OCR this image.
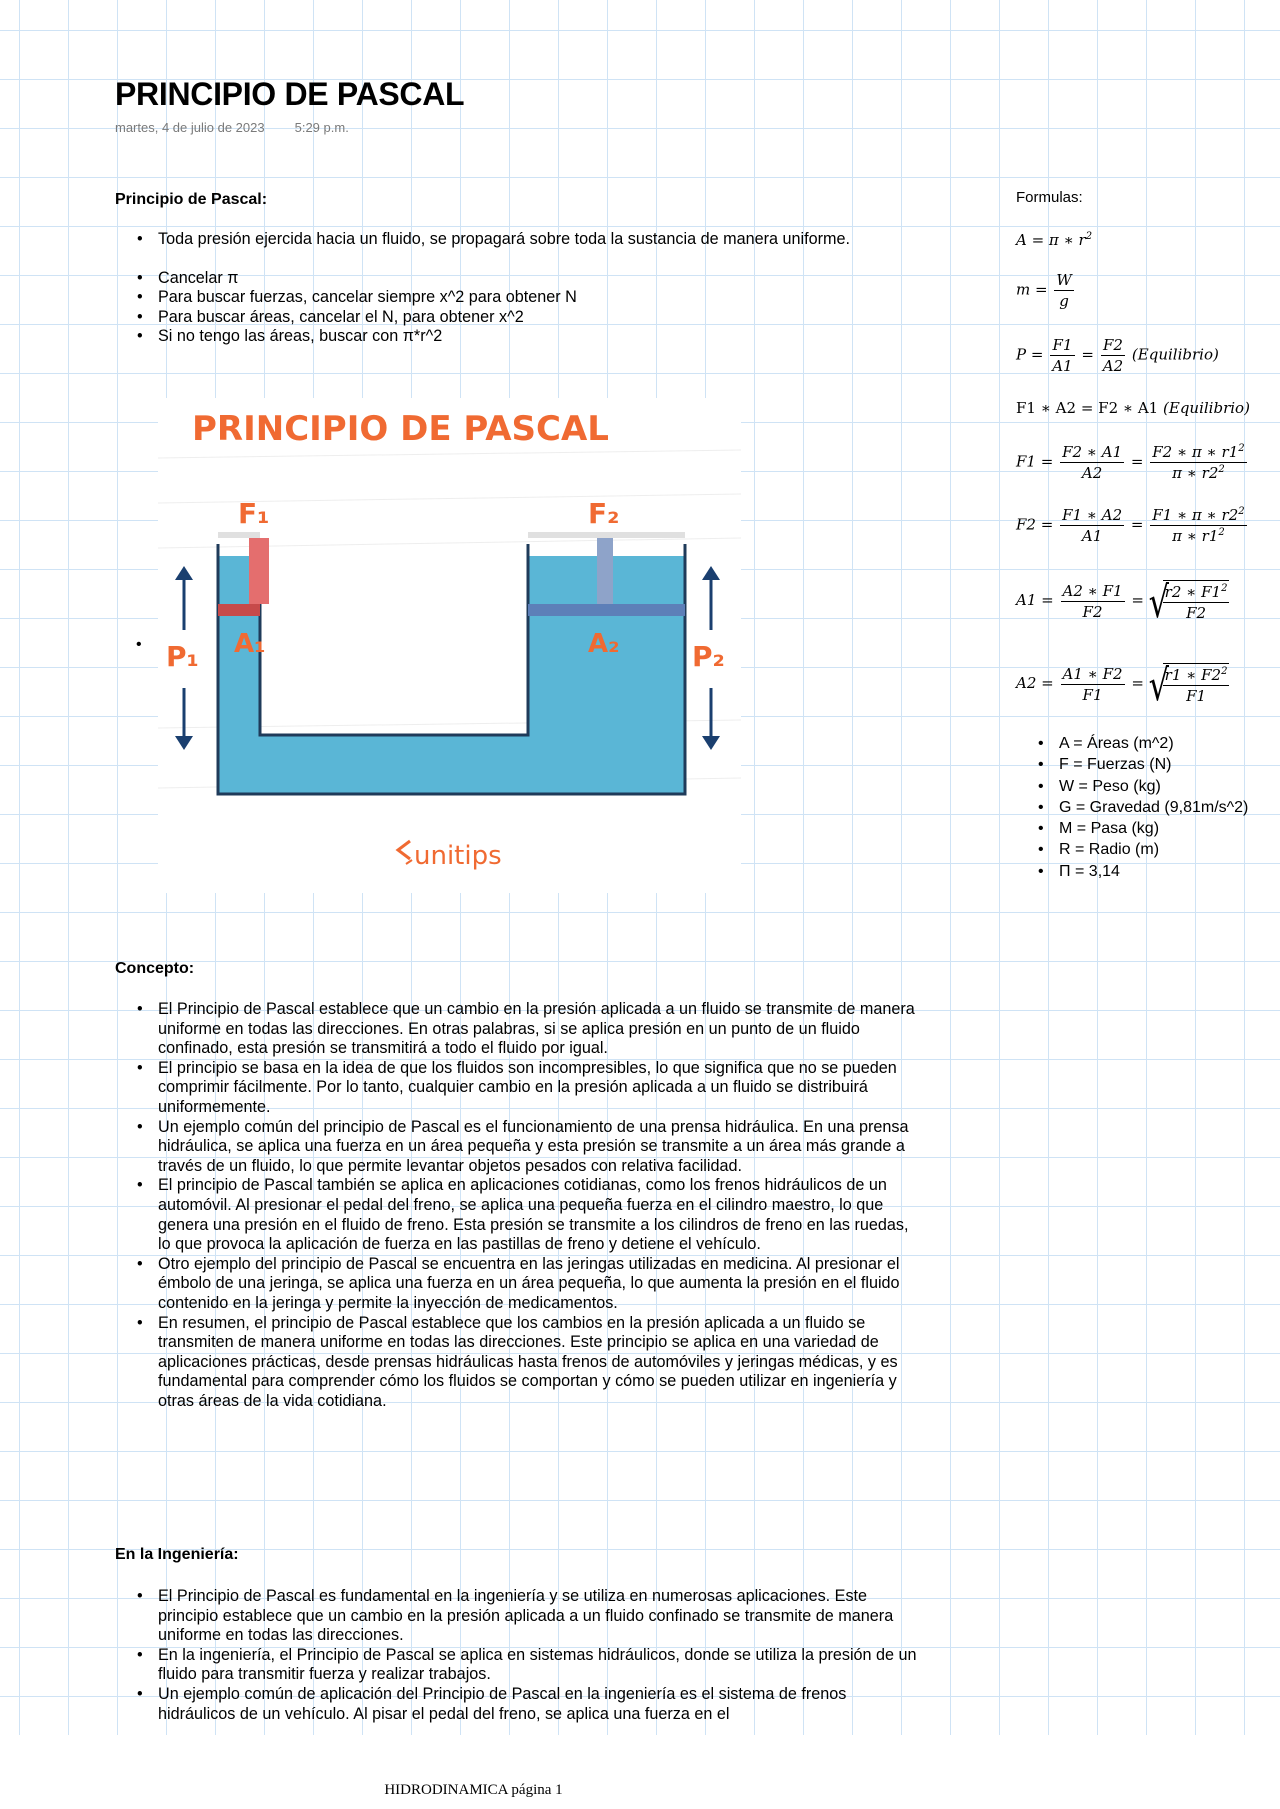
PRINCIPIO DE PASCAL
martes, 4 de julio de 2023 5:29 p.m.
Principio de Pascal:
• Toda presión ejercida hacia un fluido, se propagará sobre toda la sustancia de manera uniforme.
• Cancelar π
• Para buscar fuerzas, cancelar siempre x^2 para obtener N
• Para buscar áreas, cancelar el N, para obtener x^2
• Si no tengo las áreas, buscar con π*r^2
•
PRINCIPIO DE PASCAL
F₁	F₂
A₁	A₂
P₁	P₂
unitips
Formulas:
A = π ∗ $r^2$
$m = \frac{W}{g}$
$P = \frac{F1}{A1} = \frac{F2}{A2}$ (Equilibrio)
F1 ∗ A2 = F2 ∗ A1 (Equilibrio)
$F1 = \frac{F2 ∗ A1}{A2} = \frac{F2 ∗ \pi ∗ r1^2}{\pi ∗ r2^2}$
$F2 = \frac{F1 ∗ A2}{A1} = \frac{F1 ∗ \pi ∗ r2^2}{\pi ∗ r1^2}$
$A1 = \frac{A2 ∗ F1}{F2}$ = √ $\frac{r2 ∗ F1^2}{F2}$
$A2 = \frac{A1 ∗ F2}{F1}$ = √ $\frac{r1 ∗ F2^2}{F1}$
• A = Áreas (m^2)
• F = Fuerzas (N)
• W = Peso (kg)
• G = Gravedad (9,81m/s^2)
• M = Pasa (kg)
• R = Radio (m)
• Π = 3,14
Concepto:
• El Principio de Pascal establece que un cambio en la presión aplicada a un fluido se transmite de manera uniforme en todas las direcciones. En otras palabras, si se aplica presión en un punto de un fluido confinado, esta presión se transmitirá a todo el fluido por igual.
• El principio se basa en la idea de que los fluidos son incompresibles, lo que significa que no se pueden comprimir fácilmente. Por lo tanto, cualquier cambio en la presión aplicada a un fluido se distribuirá uniformemente.
• Un ejemplo común del principio de Pascal es el funcionamiento de una prensa hidráulica. En una prensa hidráulica, se aplica una fuerza en un área pequeña y esta presión se transmite a un área más grande a través de un fluido, lo que permite levantar objetos pesados con relativa facilidad.
• El principio de Pascal también se aplica en aplicaciones cotidianas, como los frenos hidráulicos de un automóvil. Al presionar el pedal del freno, se aplica una pequeña fuerza en el cilindro maestro, lo que genera una presión en el fluido de freno. Esta presión se transmite a los cilindros de freno en las ruedas, lo que provoca la aplicación de fuerza en las pastillas de freno y detiene el vehículo.
• Otro ejemplo del principio de Pascal se encuentra en las jeringas utilizadas en medicina. Al presionar el émbolo de una jeringa, se aplica una fuerza en un área pequeña, lo que aumenta la presión en el fluido contenido en la jeringa y permite la inyección de medicamentos.
• En resumen, el principio de Pascal establece que los cambios en la presión aplicada a un fluido se transmiten de manera uniforme en todas las direcciones. Este principio se aplica en una variedad de aplicaciones prácticas, desde prensas hidráulicas hasta frenos de automóviles y jeringas médicas, y es fundamental para comprender cómo los fluidos se comportan y cómo se pueden utilizar en ingeniería y otras áreas de la vida cotidiana.
En la Ingeniería:
• El Principio de Pascal es fundamental en la ingeniería y se utiliza en numerosas aplicaciones. Este principio establece que un cambio en la presión aplicada a un fluido confinado se transmite de manera uniforme en todas las direcciones.
• En la ingeniería, el Principio de Pascal se aplica en sistemas hidráulicos, donde se utiliza la presión de un fluido para transmitir fuerza y realizar trabajos.
• Un ejemplo común de aplicación del Principio de Pascal en la ingeniería es el sistema de frenos hidráulicos de un vehículo. Al pisar el pedal del freno, se aplica una fuerza en el
HIDRODINAMICA página 1
